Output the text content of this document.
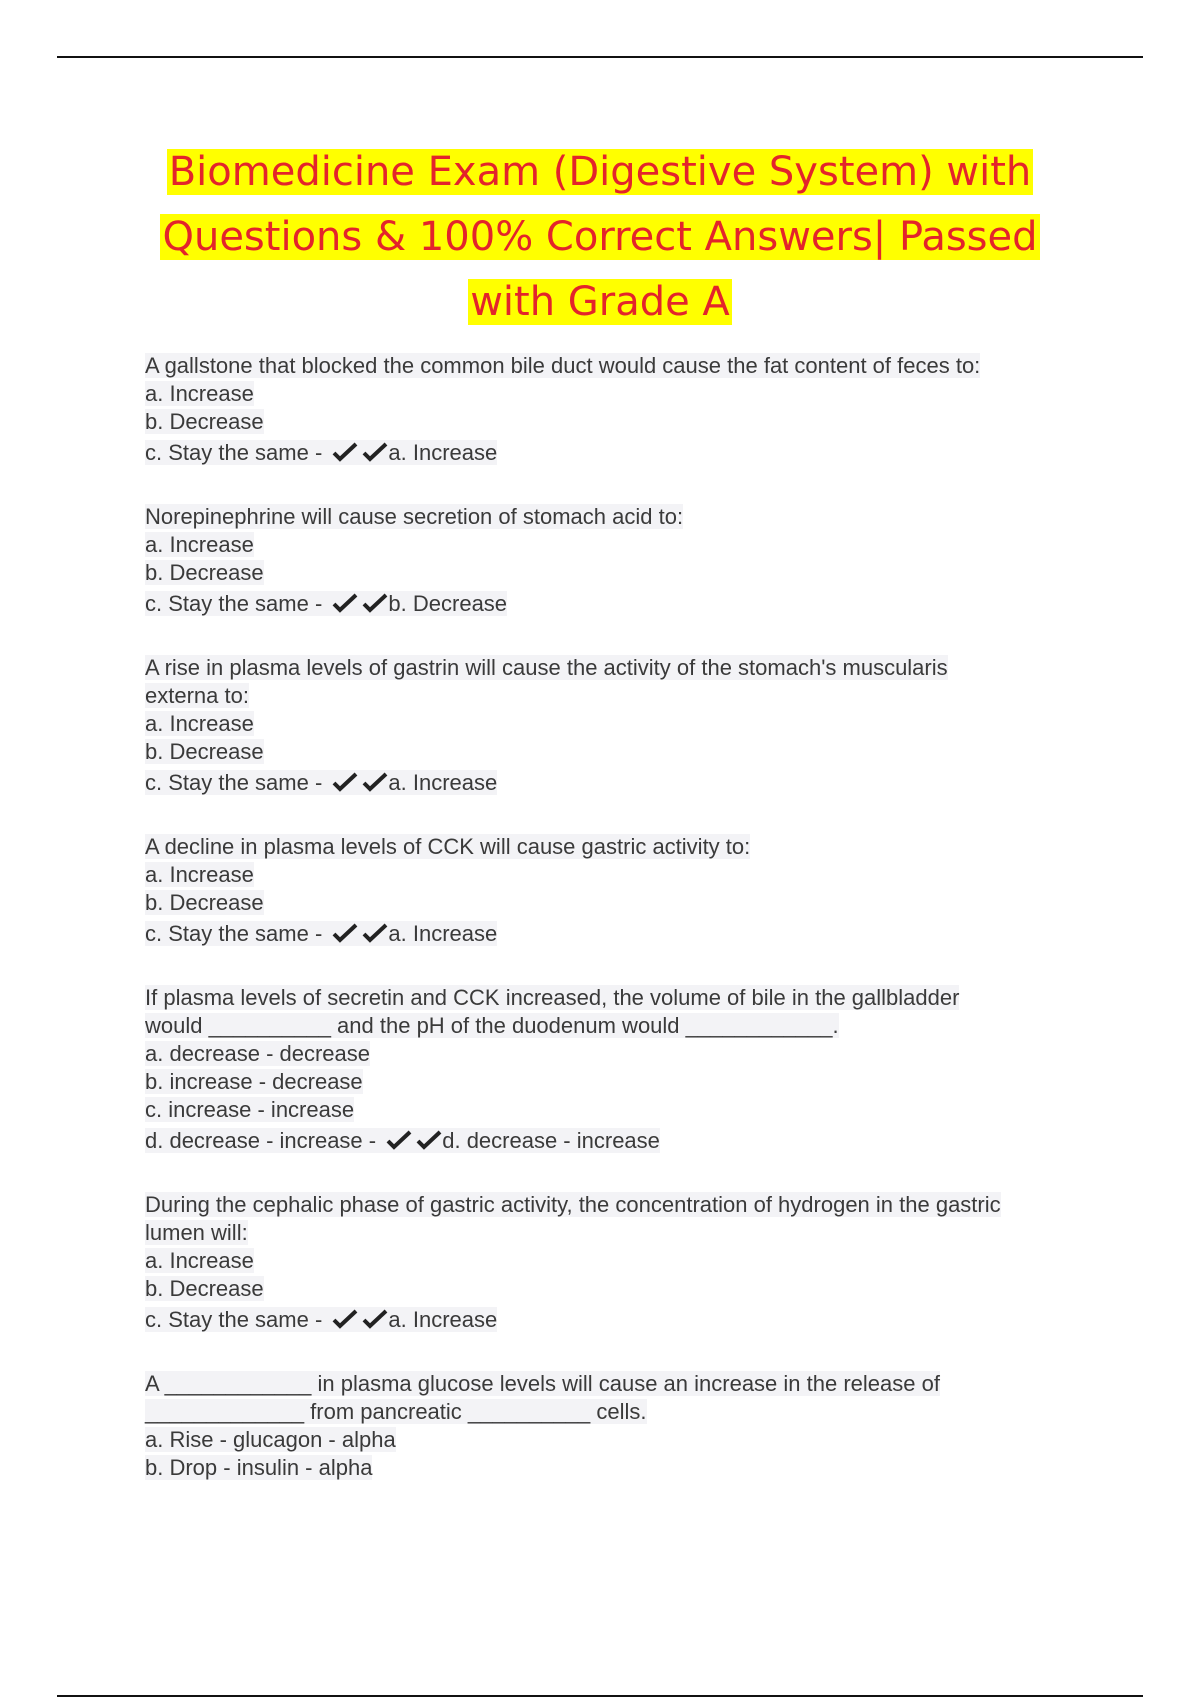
Biomedicine Exam (Digestive System) with
Questions & 100% Correct Answers| Passed
with Grade A
A gallstone that blocked the common bile duct would cause the fat content of feces to:
a. Increase
b. Decrease
c. Stay the same -	a. Increase
Norepinephrine will cause secretion of stomach acid to:
a. Increase
b. Decrease
c. Stay the same -	b. Decrease
A rise in plasma levels of gastrin will cause the activity of the stomach's muscularis
externa to:
a. Increase
b. Decrease
c. Stay the same -	a. Increase
A decline in plasma levels of CCK will cause gastric activity to:
a. Increase
b. Decrease
c. Stay the same -	a. Increase
If plasma levels of secretin and CCK increased, the volume of bile in the gallbladder
would __________ and the pH of the duodenum would ____________.
a. decrease - decrease
b. increase - decrease
c. increase - increase
d. decrease - increase -	d. decrease - increase
During the cephalic phase of gastric activity, the concentration of hydrogen in the gastric
lumen will:
a. Increase
b. Decrease
c. Stay the same -	a. Increase
A ____________ in plasma glucose levels will cause an increase in the release of
_____________ from pancreatic __________ cells.
a. Rise - glucagon - alpha
b. Drop - insulin - alpha
